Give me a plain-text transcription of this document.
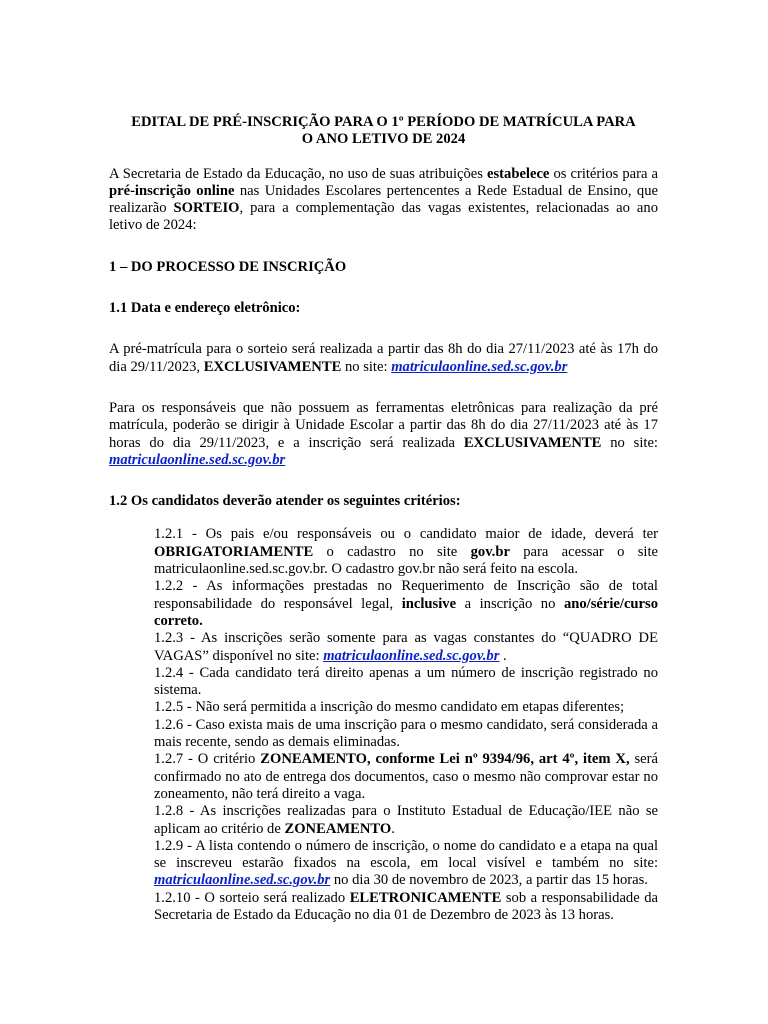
EDITAL DE PRÉ-INSCRIÇÃO PARA O 1º PERÍODO DE MATRÍCULA PARA
O ANO LETIVO DE 2024

A Secretaria de Estado da Educação, no uso de suas atribuições estabelece os critérios para a pré-inscrição online nas Unidades Escolares pertencentes a Rede Estadual de Ensino, que realizarão SORTEIO, para a complementação das vagas existentes, relacionadas ao ano letivo de 2024:

1 – DO PROCESSO DE INSCRIÇÃO

1.1 Data e endereço eletrônico:

A pré-matrícula para o sorteio será realizada a partir das 8h do dia 27/11/2023 até às 17h do dia 29/11/2023, EXCLUSIVAMENTE no site: matriculaonline.sed.sc.gov.br

Para os responsáveis que não possuem as ferramentas eletrônicas para realização da pré matrícula, poderão se dirigir à Unidade Escolar a partir das 8h do dia 27/11/2023 até às 17 horas do dia 29/11/2023, e a inscrição será realizada EXCLUSIVAMENTE no site: matriculaonline.sed.sc.gov.br

1.2 Os candidatos deverão atender os seguintes critérios:

1.2.1 - Os pais e/ou responsáveis ou o candidato maior de idade, deverá ter OBRIGATORIAMENTE o cadastro no site gov.br para acessar o site matriculaonline.sed.sc.gov.br. O cadastro gov.br não será feito na escola.

1.2.2 - As informações prestadas no Requerimento de Inscrição são de total responsabilidade do responsável legal, inclusive a inscrição no ano/série/curso correto.

1.2.3 - As inscrições serão somente para as vagas constantes do “QUADRO DE VAGAS” disponível no site: matriculaonline.sed.sc.gov.br .

1.2.4 - Cada candidato terá direito apenas a um número de inscrição registrado no sistema.

1.2.5 - Não será permitida a inscrição do mesmo candidato em etapas diferentes;

1.2.6 - Caso exista mais de uma inscrição para o mesmo candidato, será considerada a mais recente, sendo as demais eliminadas.

1.2.7 - O critério ZONEAMENTO, conforme Lei nº 9394/96, art 4º, item X, será confirmado no ato de entrega dos documentos, caso o mesmo não comprovar estar no zoneamento, não terá direito a vaga.

1.2.8 - As inscrições realizadas para o Instituto Estadual de Educação/IEE não se aplicam ao critério de ZONEAMENTO.

1.2.9 - A lista contendo o número de inscrição, o nome do candidato e a etapa na qual se inscreveu estarão fixados na escola, em local visível e também no site: matriculaonline.sed.sc.gov.br no dia 30 de novembro de 2023, a partir das 15 horas.

1.2.10 - O sorteio será realizado ELETRONICAMENTE sob a responsabilidade da Secretaria de Estado da Educação no dia 01 de Dezembro de 2023 às 13 horas.
